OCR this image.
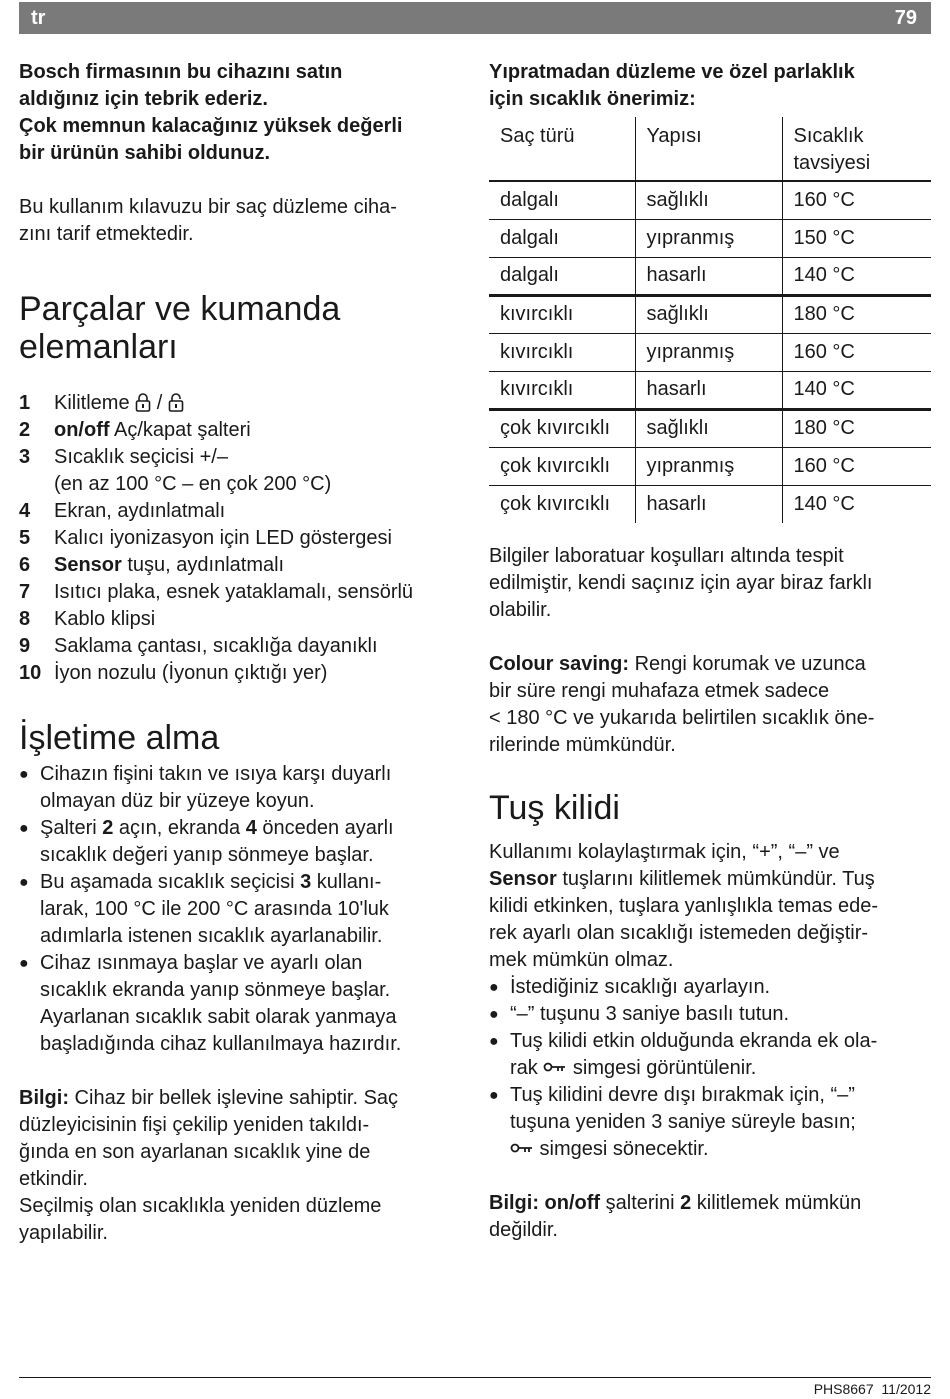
tr	79
Bosch firmasının bu cihazını satın
aldığınız için tebrik ederiz.
Çok memnun kalacağınız yüksek değerli
bir ürünün sahibi oldunuz.
Bu kullanım kılavuzu bir saç düzleme ciha-
zını tarif etmektedir.
Parçalar ve kumanda
elemanları
1	Kilitleme  /
2	on/off Aç/kapat şalteri
3	Sıcaklık seçicisi +/–
(en az 100 °C – en çok 200 °C)
4	Ekran, aydınlatmalı
5	Kalıcı iyonizasyon için LED göstergesi
6	Sensor tuşu, aydınlatmalı
7	Isıtıcı plaka, esnek yataklamalı, sensörlü
8	Kablo klipsi
9	Saklama çantası, sıcaklığa dayanıklı
10 İyon nozulu (İyonun çıktığı yer)
İşletime alma
● Cihazın fişini takın ve ısıya karşı duyarlı
olmayan düz bir yüzeye koyun.
● Şalteri 2 açın, ekranda 4 önceden ayarlı
sıcaklık değeri yanıp sönmeye başlar.
● Bu aşamada sıcaklık seçicisi 3 kullanı-
larak, 100 °C ile 200 °C arasında 10'luk
adımlarla istenen sıcaklık ayarlanabilir.
● Cihaz ısınmaya başlar ve ayarlı olan
sıcaklık ekranda yanıp sönmeye başlar.
Ayarlanan sıcaklık sabit olarak yanmaya
başladığında cihaz kullanılmaya hazırdır.
Bilgi: Cihaz bir bellek işlevine sahiptir. Saç
düzleyicisinin fişi çekilip yeniden takıldı-
ğında en son ayarlanan sıcaklık yine de
etkindir.
Seçilmiş olan sıcaklıkla yeniden düzleme
yapılabilir.
Yıpratmadan düzleme ve özel parlaklık
için sıcaklık önerimiz:
Saç türü	Yapısı	Sıcaklık
tavsiyesi

dalgalı	sağlıklı	160 °C
dalgalı	yıpranmış	150 °C
dalgalı	hasarlı	140 °C
kıvırcıklı	sağlıklı	180 °C
kıvırcıklı	yıpranmış	160 °C
kıvırcıklı	hasarlı	140 °C
çok kıvırcıklı	sağlıklı	180 °C
çok kıvırcıklı	yıpranmış	160 °C
çok kıvırcıklı	hasarlı	140 °C
Bilgiler laboratuar koşulları altında tespit
edilmiştir, kendi saçınız için ayar biraz farklı
olabilir.
Colour saving: Rengi korumak ve uzunca
bir süre rengi muhafaza etmek sadece
< 180 °C ve yukarıda belirtilen sıcaklık öne-
rilerinde mümkündür.
Tuş kilidi
Kullanımı kolaylaştırmak için, “+”, “–” ve
Sensor tuşlarını kilitlemek mümkündür. Tuş
kilidi etkinken, tuşlara yanlışlıkla temas ede-
rek ayarlı olan sıcaklığı istemeden değiştir-
mek mümkün olmaz.
● İstediğiniz sıcaklığı ayarlayın.
● “–” tuşunu 3 saniye basılı tutun.
● Tuş kilidi etkin olduğunda ekranda ek ola-
rak  simgesi görüntülenir.
● Tuş kilidini devre dışı bırakmak için, “–”
tuşuna yeniden 3 saniye süreyle basın;
simgesi sönecektir.
Bilgi: on/off şalterini 2 kilitlemek mümkün
değildir.
PHS8667 11/2012
